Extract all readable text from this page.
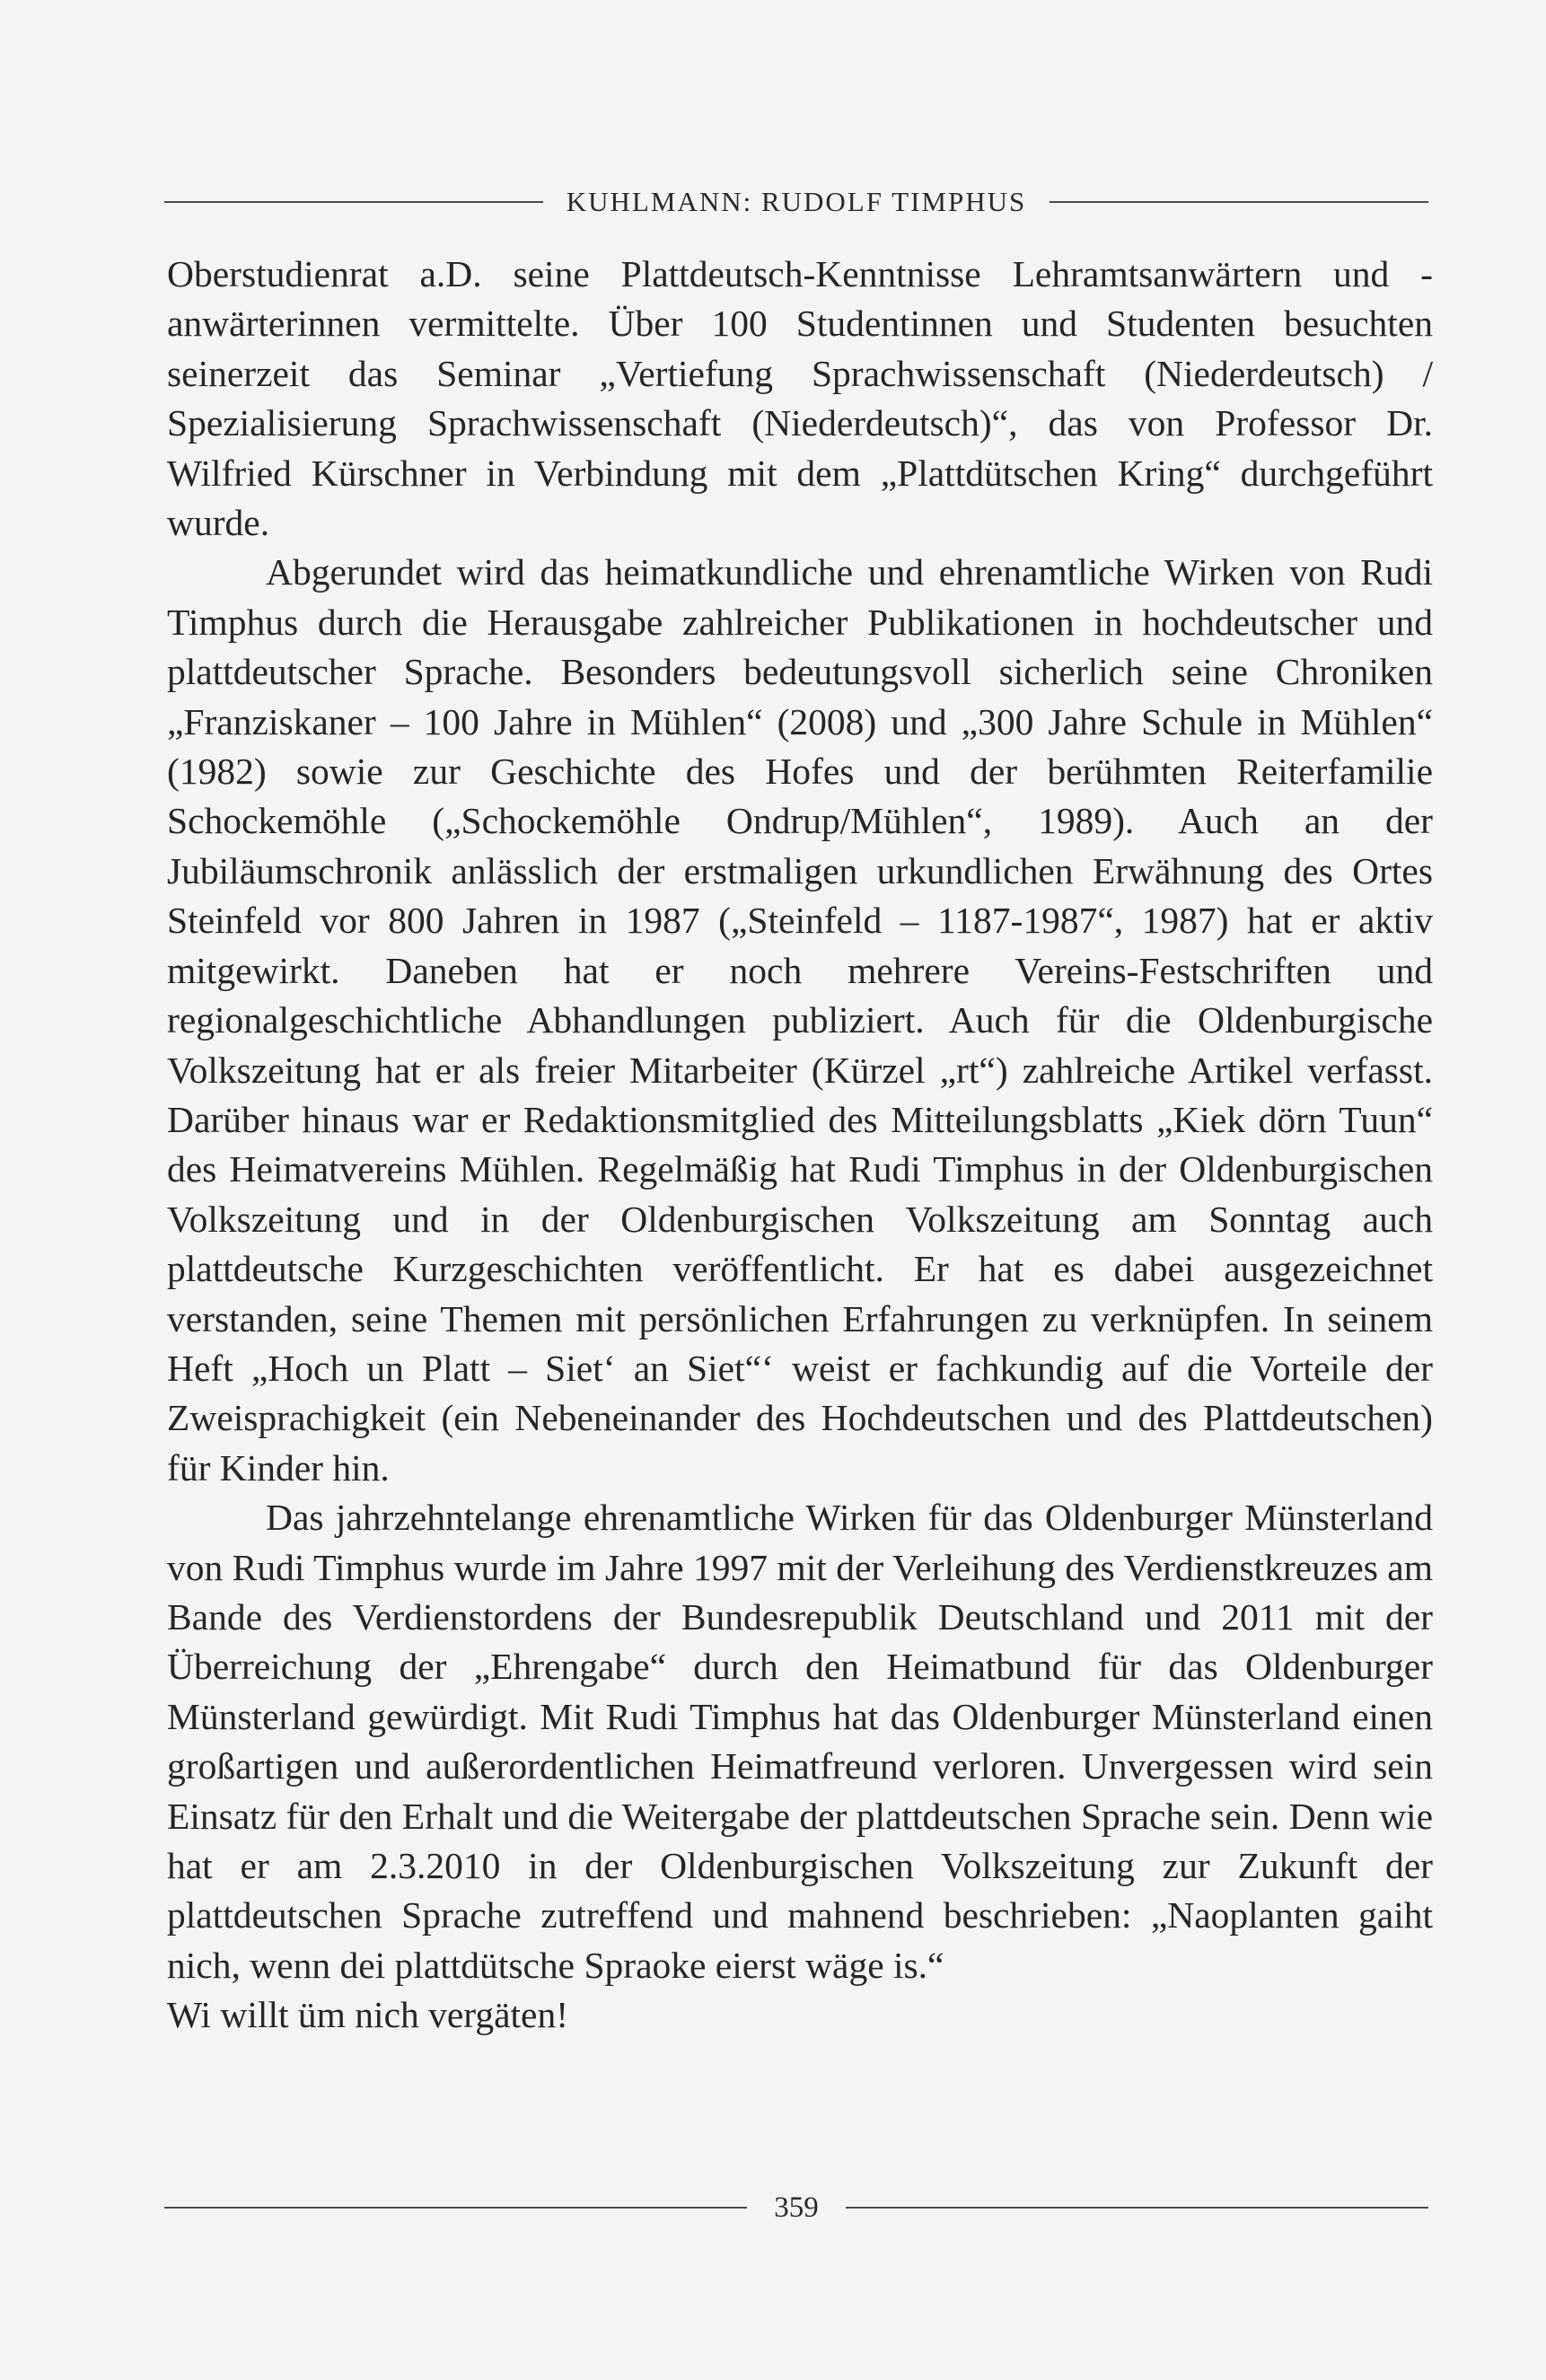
KUHLMANN: RUDOLF TIMPHUS

Oberstudienrat a.D. seine Plattdeutsch-Kenntnisse Lehramtsanwärtern und -anwärterinnen vermittelte. Über 100 Studentinnen und Studenten besuchten seinerzeit das Seminar „Vertiefung Sprachwissenschaft (Niederdeutsch) / Spezialisierung Sprachwissenschaft (Niederdeutsch)“, das von Professor Dr. Wilfried Kürschner in Verbindung mit dem „Plattdütschen Kring“ durchgeführt wurde.

Abgerundet wird das heimatkundliche und ehrenamtliche Wirken von Rudi Timphus durch die Herausgabe zahlreicher Publikationen in hochdeutscher und plattdeutscher Sprache. Besonders bedeutungsvoll sicherlich seine Chroniken „Franziskaner – 100 Jahre in Mühlen“ (2008) und „300 Jahre Schule in Mühlen“ (1982) sowie zur Geschichte des Hofes und der berühmten Reiterfamilie Schockemöhle („Schockemöhle Ondrup/Mühlen“, 1989). Auch an der Jubiläumschronik anlässlich der erstmaligen urkundlichen Erwähnung des Ortes Steinfeld vor 800 Jahren in 1987 („Steinfeld – 1187-1987“, 1987) hat er aktiv mitgewirkt. Daneben hat er noch mehrere Vereins-Festschriften und regionalgeschichtliche Abhandlungen publiziert. Auch für die Oldenburgische Volkszeitung hat er als freier Mitarbeiter (Kürzel „rt“) zahlreiche Artikel verfasst. Darüber hinaus war er Redaktionsmitglied des Mitteilungsblatts „Kiek dörn Tuun“ des Heimatvereins Mühlen. Regelmäßig hat Rudi Timphus in der Oldenburgischen Volkszeitung und in der Oldenburgischen Volkszeitung am Sonntag auch plattdeutsche Kurzgeschichten veröffentlicht. Er hat es dabei ausgezeichnet verstanden, seine Themen mit persönlichen Erfahrungen zu verknüpfen. In seinem Heft „Hoch un Platt – Siet‘ an Siet“‘ weist er fachkundig auf die Vorteile der Zweisprachigkeit (ein Nebeneinander des Hochdeutschen und des Plattdeutschen) für Kinder hin.

Das jahrzehntelange ehrenamtliche Wirken für das Oldenburger Münsterland von Rudi Timphus wurde im Jahre 1997 mit der Verleihung des Verdienstkreuzes am Bande des Verdienstordens der Bundesrepublik Deutschland und 2011 mit der Überreichung der „Ehrengabe“ durch den Heimatbund für das Oldenburger Münsterland gewürdigt. Mit Rudi Timphus hat das Oldenburger Münsterland einen großartigen und außerordentlichen Heimatfreund verloren. Unvergessen wird sein Einsatz für den Erhalt und die Weitergabe der plattdeutschen Sprache sein. Denn wie hat er am 2.3.2010 in der Oldenburgischen Volkszeitung zur Zukunft der plattdeutschen Sprache zutreffend und mahnend beschrieben: „Naoplanten gaiht nich, wenn dei plattdütsche Spraoke eierst wäge is.“

Wi willt üm nich vergäten!

359
